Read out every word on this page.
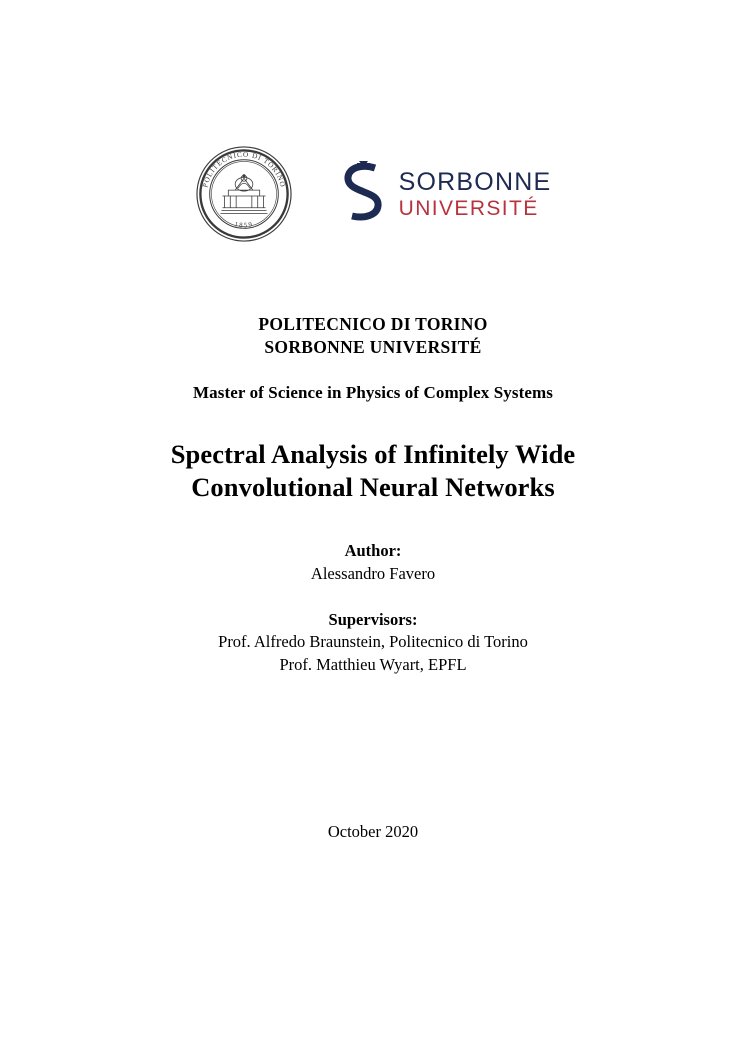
POLITECNICO DI TORINO
1859
SORBONNE
UNIVERSITÉ
POLITECNICO DI TORINO
SORBONNE UNIVERSITÉ
Master of Science in Physics of Complex Systems
Spectral Analysis of Infinitely Wide
Convolutional Neural Networks
Author:
Alessandro Favero
Supervisors:
Prof. Alfredo Braunstein, Politecnico di Torino
Prof. Matthieu Wyart, EPFL
October 2020
